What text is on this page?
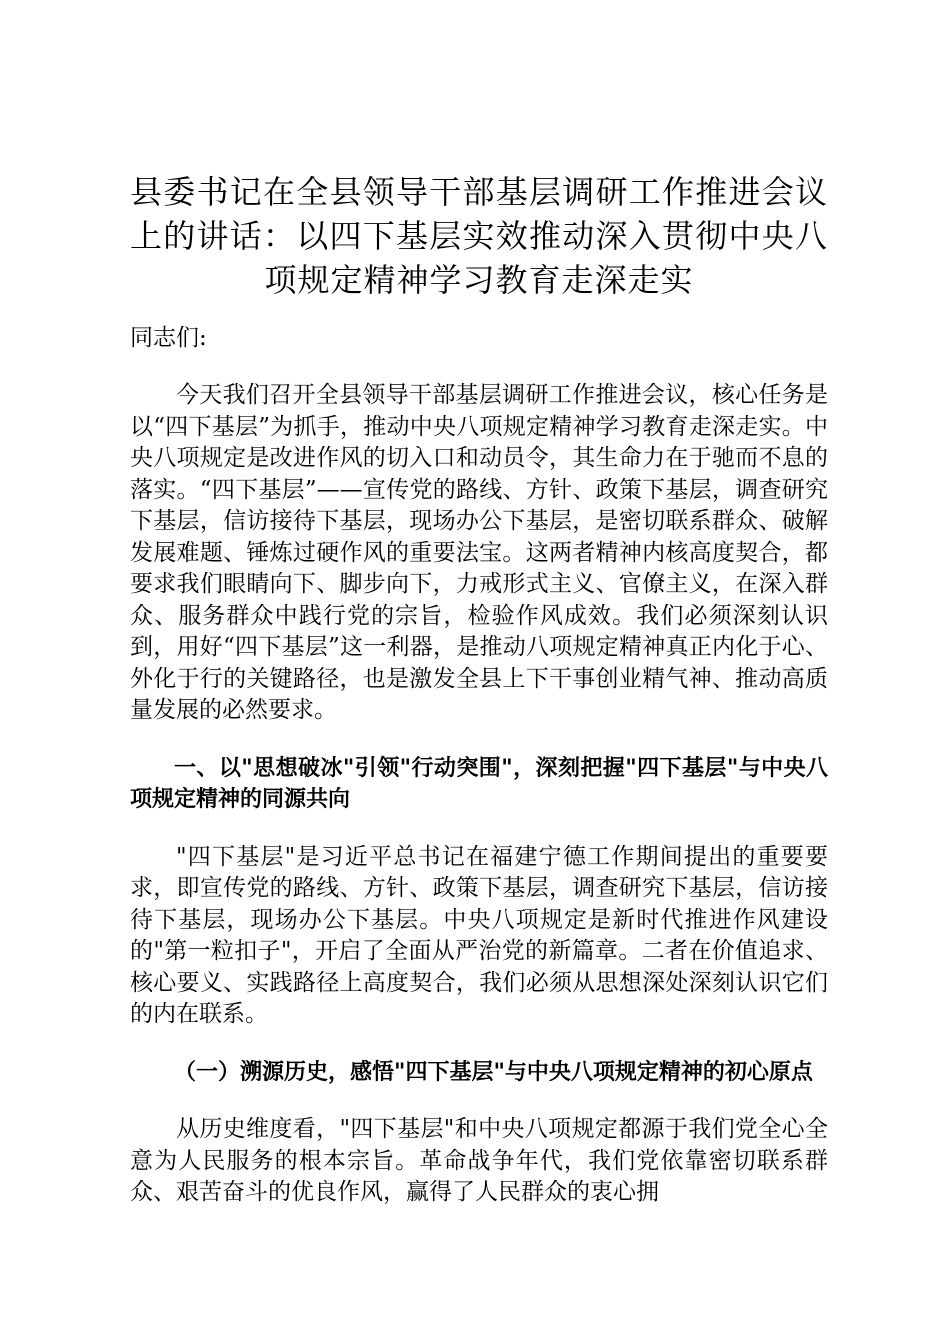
县委书记在全县领导干部基层调研工作推进会议上的讲话：以四下基层实效推动深入贯彻中央八项规定精神学习教育走深走实

同志们:

今天我们召开全县领导干部基层调研工作推进会议，核心任务是以“四下基层”为抓手，推动中央八项规定精神学习教育走深走实。中央八项规定是改进作风的切入口和动员令，其生命力在于驰而不息的落实。“四下基层”——宣传党的路线、方针、政策下基层，调查研究下基层，信访接待下基层，现场办公下基层，是密切联系群众、破解发展难题、锤炼过硬作风的重要法宝。这两者精神内核高度契合，都要求我们眼睛向下、脚步向下，力戒形式主义、官僚主义，在深入群众、服务群众中践行党的宗旨，检验作风成效。我们必须深刻认识到，用好“四下基层”这一利器，是推动八项规定精神真正内化于心、外化于行的关键路径，也是激发全县上下干事创业精气神、推动高质量发展的必然要求。

一、以"思想破冰"引领"行动突围"，深刻把握"四下基层"与中央八项规定精神的同源共向

"四下基层"是习近平总书记在福建宁德工作期间提出的重要要求，即宣传党的路线、方针、政策下基层，调查研究下基层，信访接待下基层，现场办公下基层。中央八项规定是新时代推进作风建设的"第一粒扣子"，开启了全面从严治党的新篇章。二者在价值追求、核心要义、实践路径上高度契合，我们必须从思想深处深刻认识它们的内在联系。

（一）溯源历史，感悟"四下基层"与中央八项规定精神的初心原点

从历史维度看，"四下基层"和中央八项规定都源于我们党全心全意为人民服务的根本宗旨。革命战争年代，我们党依靠密切联系群众、艰苦奋斗的优良作风，赢得了人民群众的衷心拥
